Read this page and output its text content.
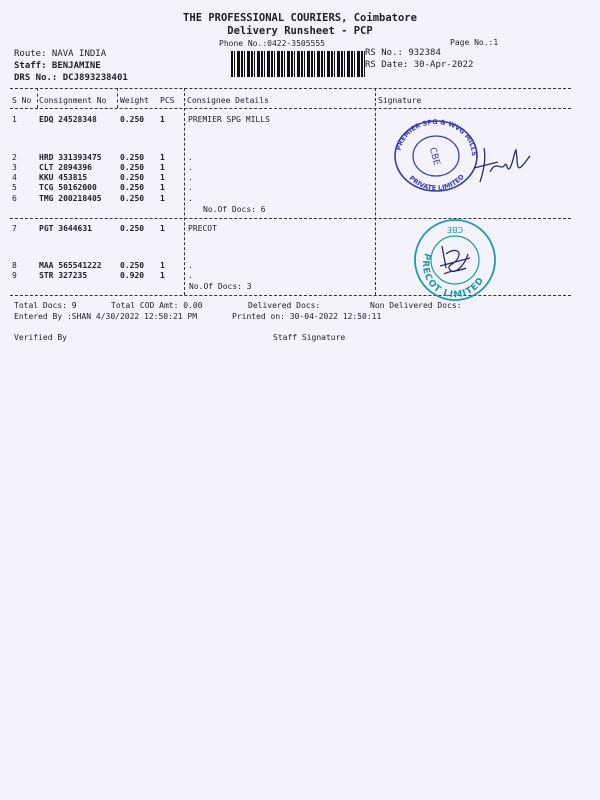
THE PROFESSIONAL COURIERS, Coimbatore
Delivery Runsheet - PCP
Phone No.:0422-3505555	Page No.:1
Route: NAVA INDIA
Staff: BENJAMINE
DRS No.: DCJ893238401
RS No.: 932384
RS Date: 30-Apr-2022
S No Consignment No Weight PCS Consignee Details	Signature
1	EDQ 24528348	0.250 1	PREMIER SPG MILLS
2	HRD 331393475 0.250 1	.
3	CLT 2894396	0.250 1	.
4	KKU 453815	0.250 1	.
5	TCG 50162000	0.250 1	.
6	TMG 200218405 0.250 1	.
No.Of Docs: 6
7	PGT 3644631	0.250 1	PRECOT
8	MAA 565541222 0.250 1	.
9	STR 327235	0.920 1	.
No.Of Docs: 3
PREMIER SPG & WVG MILLS
PRIVATE LIMITED
CBE
PRECOT LIMITED
CBE
Total Docs: 9	Total COD Amt: 0.00	Delivered Docs:	Non Delivered Docs:
Entered By :SHAN 4/30/2022 12:50:21 PM	Printed on: 30-04-2022 12:50:11
Verified By	Staff Signature
